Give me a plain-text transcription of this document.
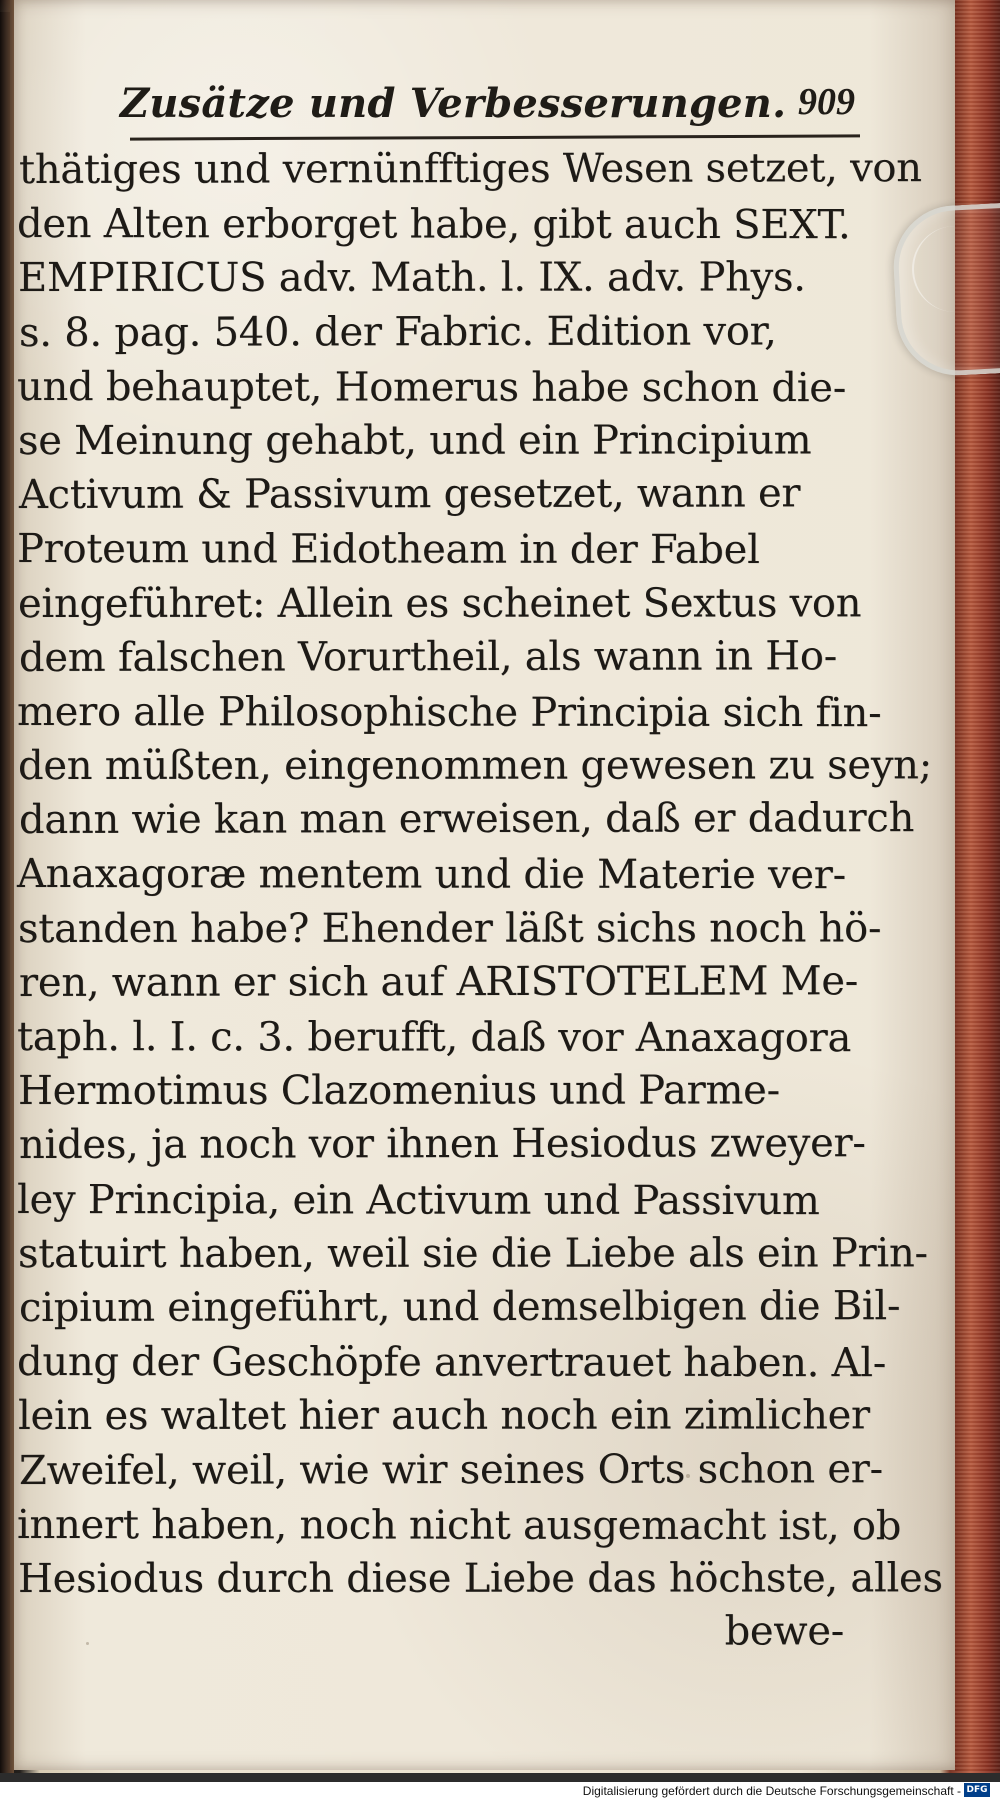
Zusätze und Verbesserungen. 909
thätiges und vernünfftiges Wesen setzet, von
den Alten erborget habe, gibt auch SEXT.
EMPIRICUS adv. Math. l. IX. adv. Phys.
s. 8. pag. 540. der Fabric. Edition vor,
und behauptet, Homerus habe schon die-
se Meinung gehabt, und ein Principium
Activum & Passivum gesetzet, wann er
Proteum und Eidotheam in der Fabel
eingeführet: Allein es scheinet Sextus von
dem falschen Vorurtheil, als wann in Ho-
mero alle Philosophische Principia sich fin-
den müßten, eingenommen gewesen zu seyn;
dann wie kan man erweisen, daß er dadurch
Anaxagoræ mentem und die Materie ver-
standen habe? Ehender läßt sichs noch hö-
ren, wann er sich auf ARISTOTELEM Me-
taph. l. I. c. 3. berufft, daß vor Anaxagora
Hermotimus Clazomenius und Parme-
nides, ja noch vor ihnen Hesiodus zweyer-
ley Principia, ein Activum und Passivum
statuirt haben, weil sie die Liebe als ein Prin-
cipium eingeführt, und demselbigen die Bil-
dung der Geschöpfe anvertrauet haben. Al-
lein es waltet hier auch noch ein zimlicher
Zweifel, weil, wie wir seines Orts schon er-
innert haben, noch nicht ausgemacht ist, ob
Hesiodus durch diese Liebe das höchste, alles
bewe-
Digitalisierung gefördert durch die Deutsche Forschungsgemeinschaft - DFG
